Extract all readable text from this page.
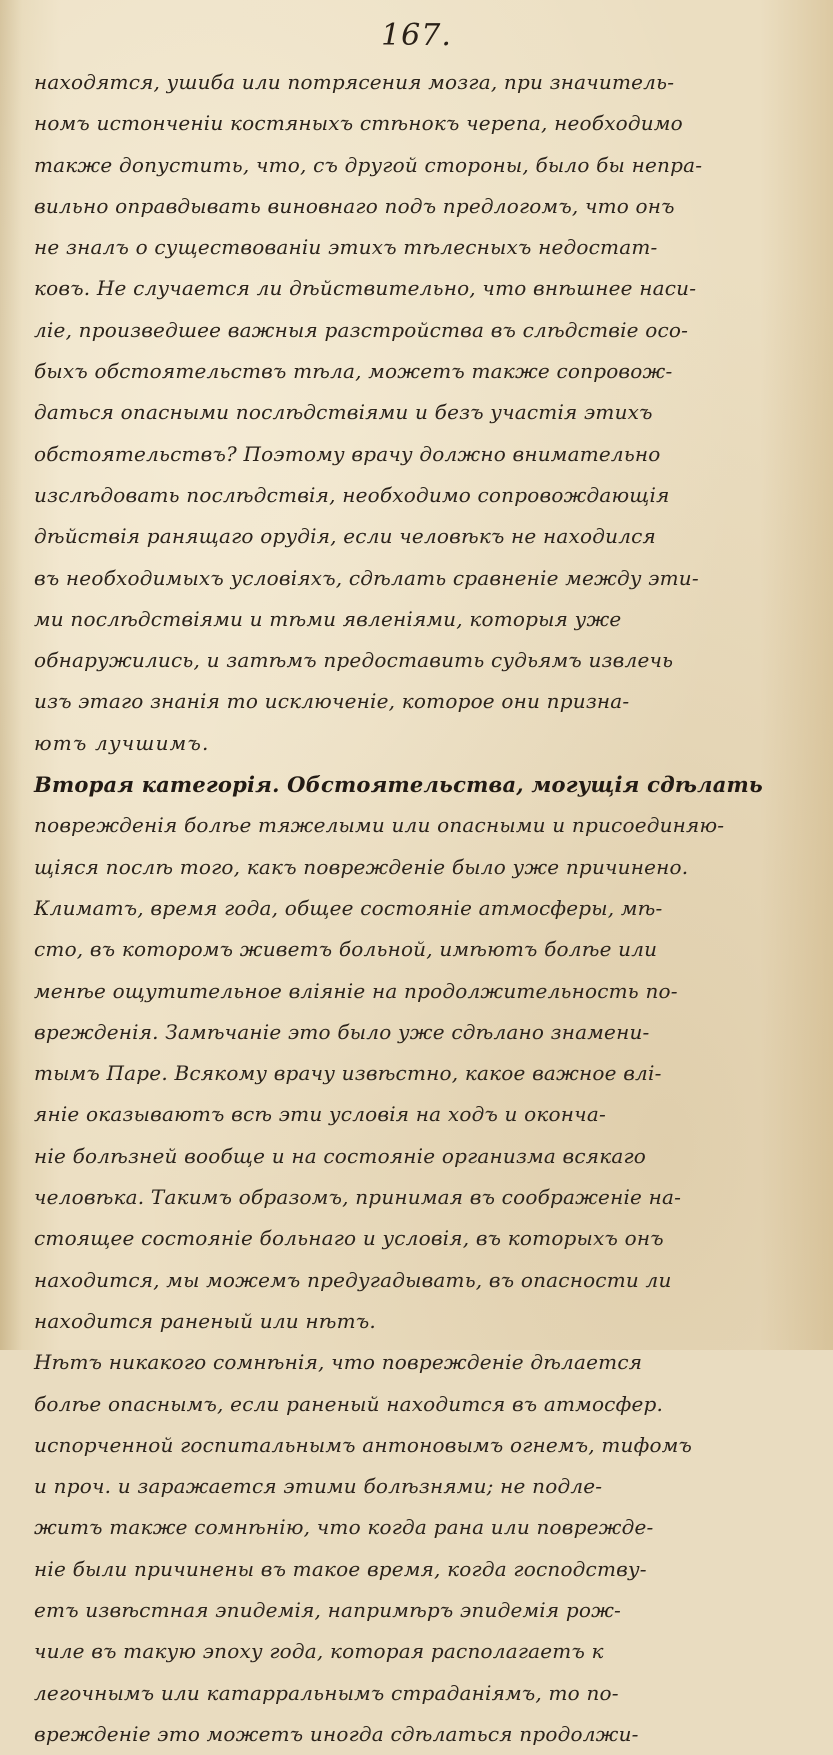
167.
находятся, ушиба или потрясения мозга, при значитель-
номъ истонченіи костяныхъ стѣнокъ черепа, необходимо
также допустить, что, съ другой стороны, было бы непра-
вильно оправдывать виновнаго подъ предлогомъ, что онъ
не зналъ о существованіи этихъ тѣлесныхъ недостат-
ковъ. Не случается ли дѣйствительно, что внѣшнее наси-
ліе, произведшее важныя разстройства въ слѣдствіе осо-
быхъ обстоятельствъ тѣла, можетъ также сопровож-
даться опасными послѣдствіями и безъ участія этихъ
обстоятельствъ? Поэтому врачу должно внимательно
изслѣдовать послѣдствія, необходимо сопровождающія
дѣйствія ранящаго орудія, если человѣкъ не находился
въ необходимыхъ условіяхъ, сдѣлать сравненіе между эти-
ми послѣдствіями и тѣми явленіями, которыя уже
обнаружились, и затѣмъ предоставить судьямъ извлечь
изъ этаго знанія то исключеніе, которое они призна-
ютъ лучшимъ.
Вторая категорія. Обстоятельства, могущія сдѣлать
поврежденія болѣе тяжелыми или опасными и присоединяю-
щіяся послѣ того, какъ поврежденіе было уже причинено.
Климатъ, время года, общее состояніе атмосферы, мѣ-
сто, въ которомъ живетъ больной, имѣютъ болѣе или
менѣе ощутительное вліяніе на продолжительность по-
врежденія. Замѣчаніе это было уже сдѣлано знамени-
тымъ Паре. Всякому врачу извѣстно, какое важное влі-
яніе оказываютъ всѣ эти условія на ходъ и оконча-
ніе болѣзней вообще и на состояніе организма всякаго
человѣка. Такимъ образомъ, принимая въ соображеніе на-
стоящее состояніе больнаго и условія, въ которыхъ онъ
находится, мы можемъ предугадывать, въ опасности ли
находится раненый или нѣтъ.
Нѣтъ никакого сомнѣнія, что поврежденіе дѣлается
болѣе опаснымъ, если раненый находится въ атмосфер.
испорченной госпитальнымъ антоновымъ огнемъ, тифомъ
и проч. и заражается этими болѣзнями; не подле-
житъ также сомнѣнію, что когда рана или поврежде-
ніе были причинены въ такое время, когда господству-
етъ извѣстная эпидемія, напримѣръ эпидемія рож-
чиле въ такую эпоху года, которая располагаетъ к
легочнымъ или катарральнымъ страданіямъ, то по-
врежденіе это можетъ иногда сдѣлаться продолжи-
